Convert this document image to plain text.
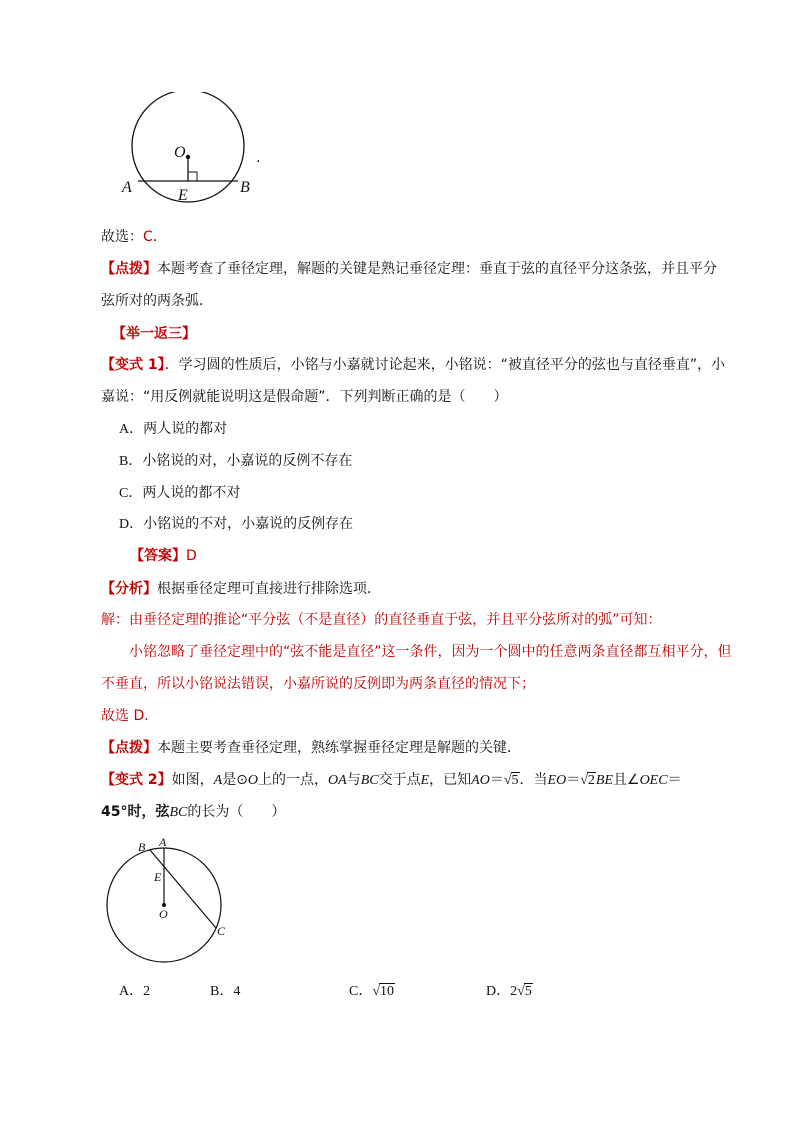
O
E
A	B
.
故选：C.
【点拨】本题考查了垂径定理，解题的关键是熟记垂径定理：垂直于弦的直径平分这条弦，并且平分
弦所对的两条弧．
【举一返三】
【变式 1】．学习圆的性质后，小铭与小嘉就讨论起来，小铭说：“被直径平分的弦也与直径垂直”，小
嘉说：“用反例就能说明这是假命题”．下列判断正确的是（　　）
A．两人说的都对
B．小铭说的对，小嘉说的反例不存在
C．两人说的都不对
D．小铭说的不对，小嘉说的反例存在
【答案】D
【分析】根据垂径定理可直接进行排除选项．
解：由垂径定理的推论“平分弦（不是直径）的直径垂直于弦，并且平分弦所对的弧”可知：
小铭忽略了垂径定理中的“弦不能是直径”这一条件，因为一个圆中的任意两条直径都互相平分，但
不垂直，所以小铭说法错误，小嘉所说的反例即为两条直径的情况下；
故选 D．
【点拨】本题主要考查垂径定理，熟练掌握垂径定理是解题的关键．
【变式 2】如图，A是⊙O上的一点，OA与BC交于点E，已知AO＝√5．当EO＝√2BE且∠OEC＝
45°时，弦BC的长为（　　）
A
B
E
O
C
A．2	B．4	C．√10	D．2√5
